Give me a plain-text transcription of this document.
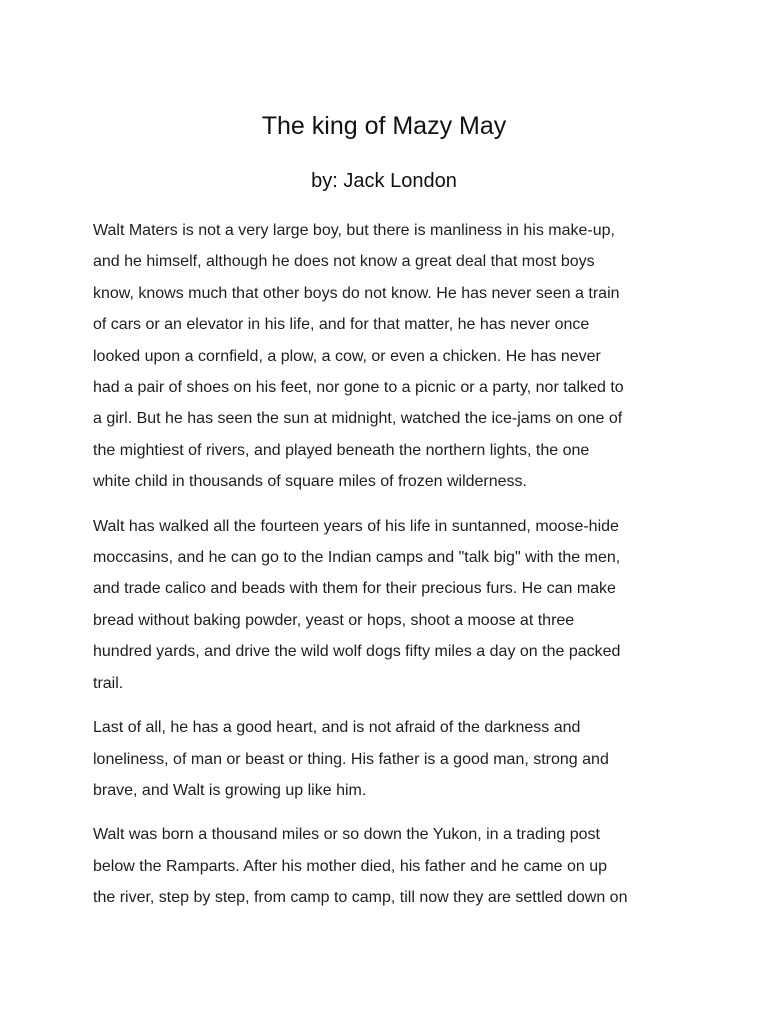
The king of Mazy May
by: Jack London

Walt Maters is not a very large boy, but there is manliness in his make-up,
and he himself, although he does not know a great deal that most boys
know, knows much that other boys do not know. He has never seen a train
of cars or an elevator in his life, and for that matter, he has never once
looked upon a cornfield, a plow, a cow, or even a chicken. He has never
had a pair of shoes on his feet, nor gone to a picnic or a party, nor talked to
a girl. But he has seen the sun at midnight, watched the ice-jams on one of
the mightiest of rivers, and played beneath the northern lights, the one
white child in thousands of square miles of frozen wilderness.

Walt has walked all the fourteen years of his life in suntanned, moose-hide
moccasins, and he can go to the Indian camps and "talk big" with the men,
and trade calico and beads with them for their precious furs. He can make
bread without baking powder, yeast or hops, shoot a moose at three
hundred yards, and drive the wild wolf dogs fifty miles a day on the packed
trail.

Last of all, he has a good heart, and is not afraid of the darkness and
loneliness, of man or beast or thing. His father is a good man, strong and
brave, and Walt is growing up like him.

Walt was born a thousand miles or so down the Yukon, in a trading post
below the Ramparts. After his mother died, his father and he came on up
the river, step by step, from camp to camp, till now they are settled down on
